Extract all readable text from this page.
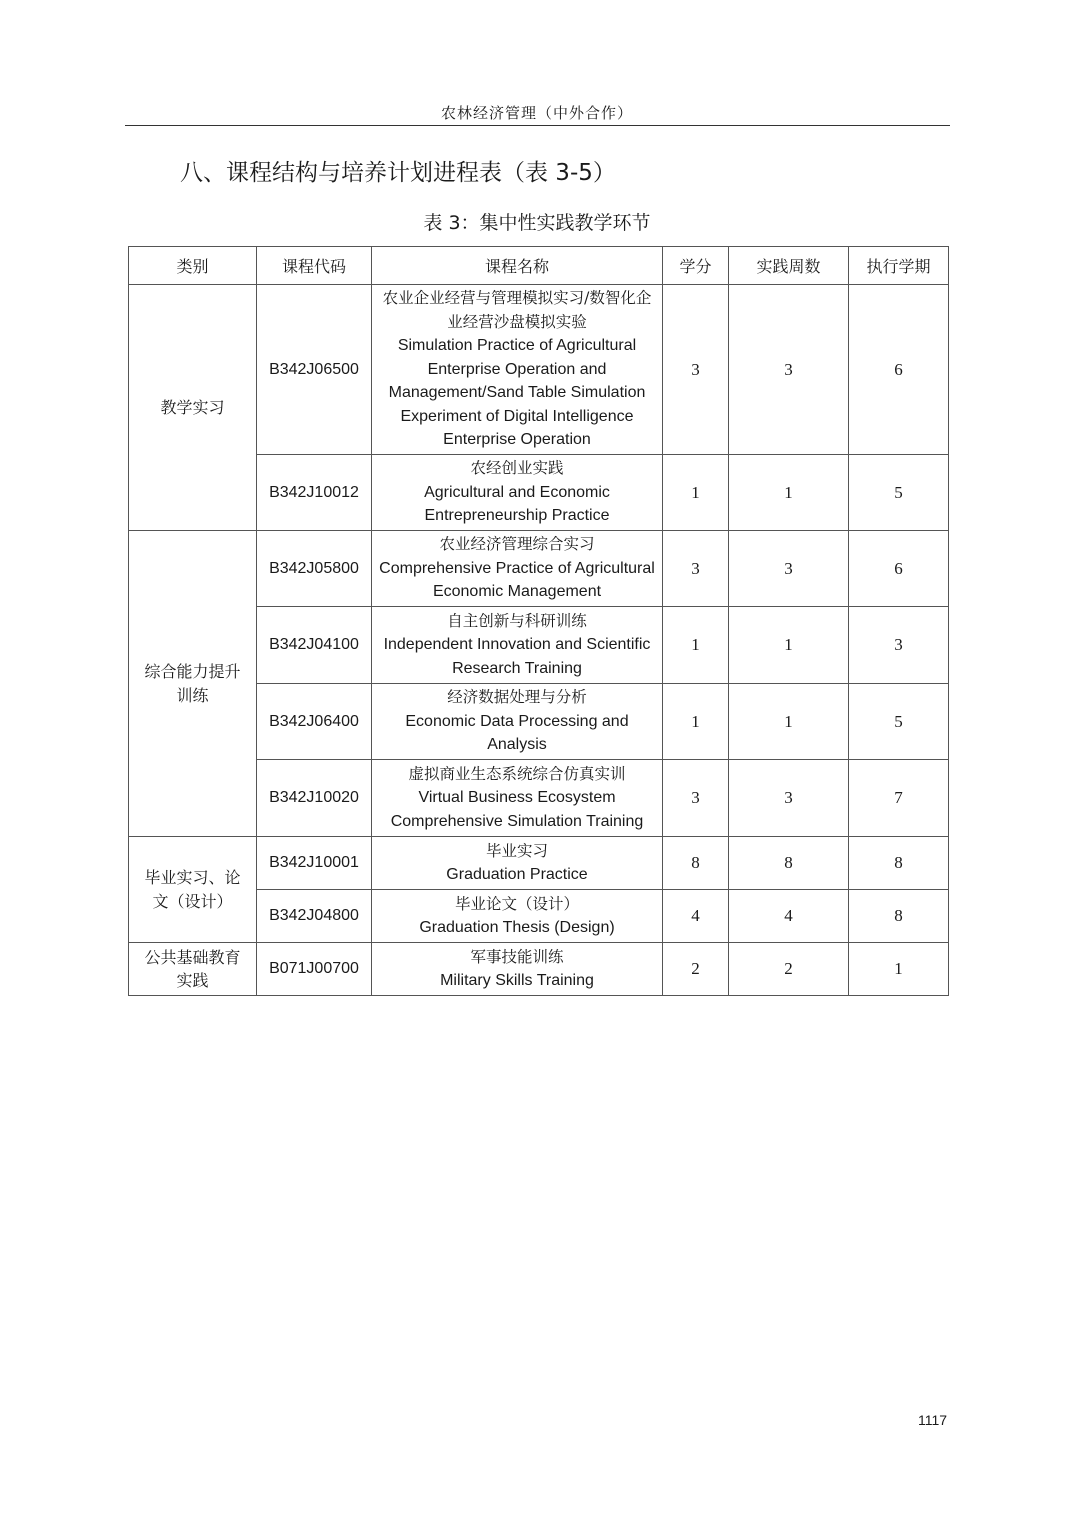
农林经济管理（中外合作）
八、课程结构与培养计划进程表（表 3-5）
表 3：集中性实践教学环节
类别	课程代码	课程名称	学分	实践周数	执行学期

教学实习	B342J06500	农业企业经营与管理模拟实习/数智化企业经营沙盘模拟实验
Simulation Practice of Agricultural Enterprise Operation and Management/Sand Table Simulation Experiment of Digital Intelligence Enterprise Operation	3	3	6
	B342J10012	农经创业实践
Agricultural and Economic Entrepreneurship Practice	1	1	5

综合能力提升训练	B342J05800	农业经济管理综合实习
Comprehensive Practice of Agricultural Economic Management	3	3	6
	B342J04100	自主创新与科研训练
Independent Innovation and Scientific Research Training	1	1	3
	B342J06400	经济数据处理与分析
Economic Data Processing and Analysis	1	1	5
	B342J10020	虚拟商业生态系统综合仿真实训
Virtual Business Ecosystem Comprehensive Simulation Training	3	3	7

毕业实习、论文（设计）	B342J10001	毕业实习
Graduation Practice	8	8	8
	B342J04800	毕业论文（设计）
Graduation Thesis (Design)	4	4	8

公共基础教育实践	B071J00700	军事技能训练
Military Skills Training	2	2	1
1117
